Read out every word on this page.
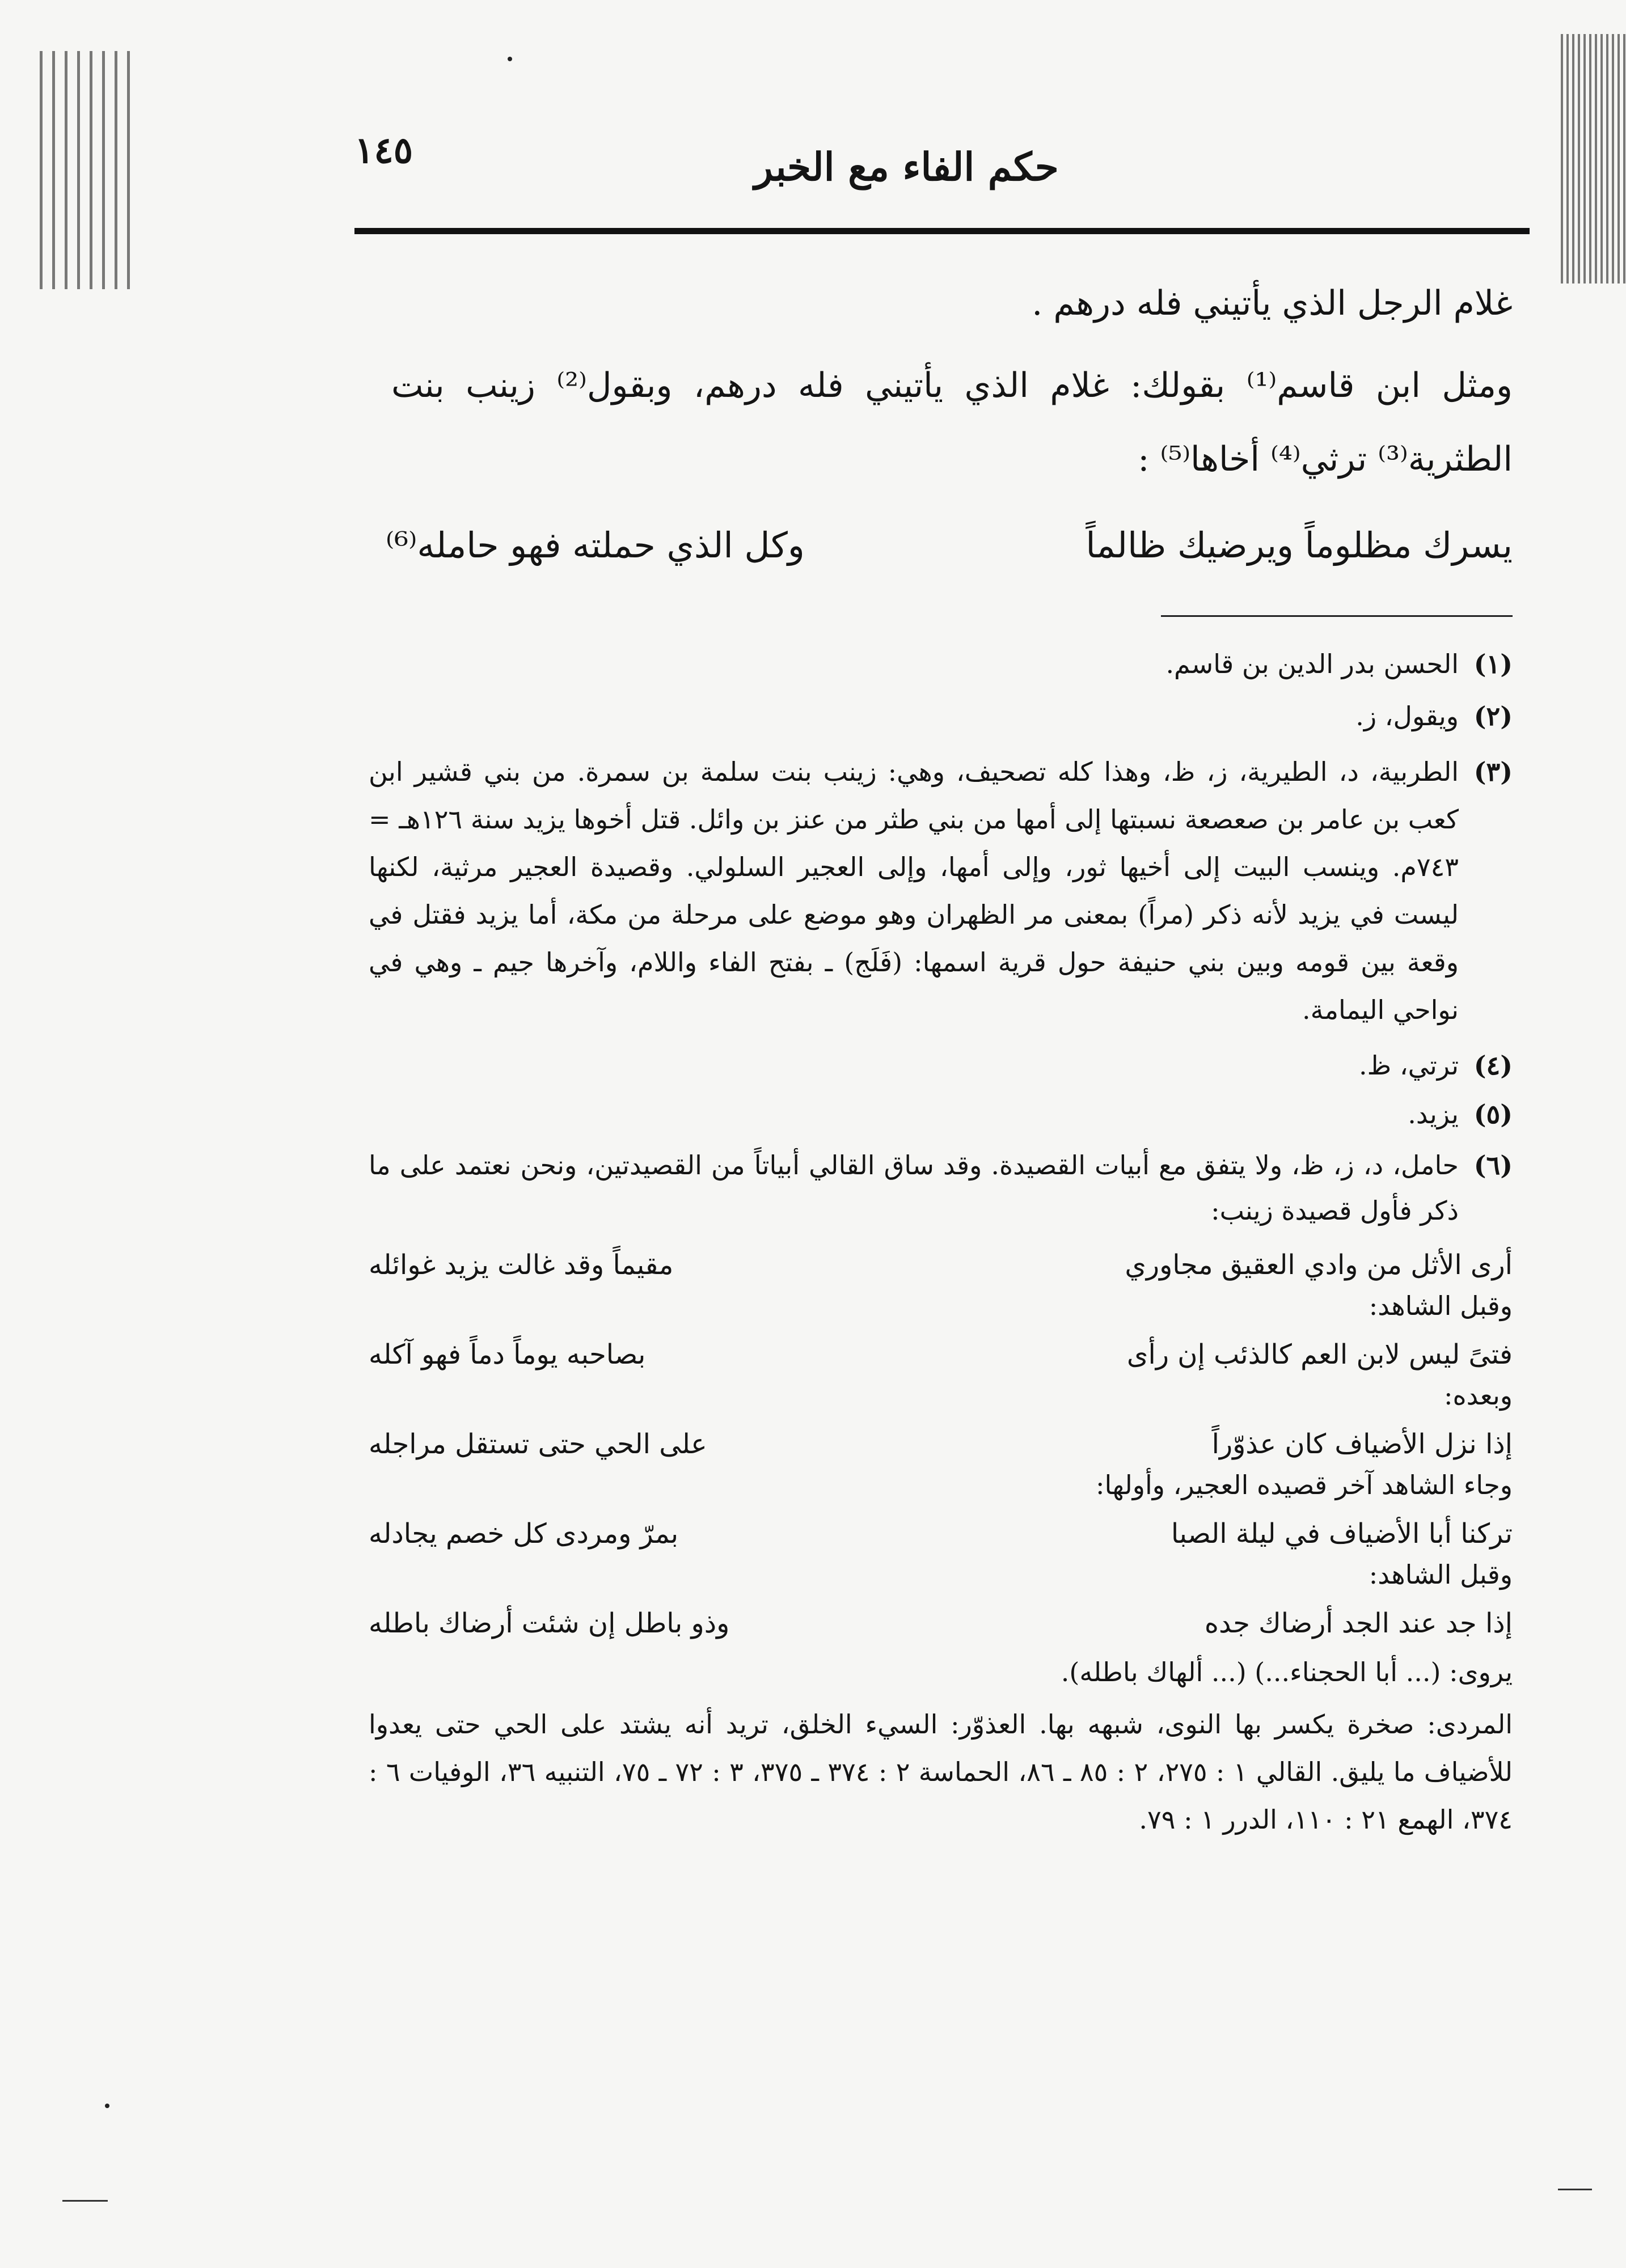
١٤٥	حكم الفاء مع الخبر
غلام الرجل الذي يأتيني فله درهم .
ومثل ابن قاسم⁽¹⁾ بقولك: غلام الذي يأتيني فله درهم، وبقول⁽²⁾ زينب بنت
الطثرية⁽³⁾ ترثي⁽⁴⁾ أخاها⁽⁵⁾ :
يسرك مظلوماً ويرضيك ظالماً
وكل الذي حملته فهو حامله⁽⁶⁾
(١)
الحسن بدر الدين بن قاسم.
(٢)
ويقول، ز.
(٣)
الطربية، د، الطيرية، ز، ظ، وهذا كله تصحيف، وهي: زينب بنت سلمة بن سمرة. من بني قشير ابن كعب بن عامر بن صعصعة نسبتها إلى أمها من بني طثر من عنز بن وائل. قتل أخوها يزيد سنة ١٢٦هـ = ٧٤٣م. وينسب البيت إلى أخيها ثور، وإلى أمها، وإلى العجير السلولي. وقصيدة العجير مرثية، لكنها ليست في يزيد لأنه ذكر (مراً) بمعنى مر الظهران وهو موضع على مرحلة من مكة، أما يزيد فقتل في وقعة بين قومه وبين بني حنيفة حول قرية اسمها: (فَلَج) ـ بفتح الفاء واللام، وآخرها جيم ـ وهي في نواحي اليمامة.
(٤)
ترتي، ظ.
(٥)
يزيد.
(٦)
حامل، د، ز، ظ، ولا يتفق مع أبيات القصيدة. وقد ساق القالي أبياتاً من القصيدتين، ونحن نعتمد على ما ذكر فأول قصيدة زينب:
أرى الأثل من وادي العقيق مجاوري
مقيماً وقد غالت يزيد غوائله
وقبل الشاهد:
فتىً ليس لابن العم كالذئب إن رأى
بصاحبه يوماً دماً فهو آكله
وبعده:
إذا نزل الأضياف كان عذوّراً
على الحي حتى تستقل مراجله
وجاء الشاهد آخر قصيده العجير، وأولها:
تركنا أبا الأضياف في ليلة الصبا
بمرّ ومردى كل خصم يجادله
وقبل الشاهد:
إذا جد عند الجد أرضاك جده
وذو باطل إن شئت أرضاك باطله
يروى: (... أبا الحجناء...) (... ألهاك باطله).
المردى: صخرة يكسر بها النوى، شبهه بها. العذوّر: السيء الخلق، تريد أنه يشتد على الحي حتى يعدوا للأضياف ما يليق. القالي ١ : ٢٧٥، ٢ : ٨٥ ـ ٨٦، الحماسة ٢ : ٣٧٤ ـ ٣٧٥، ٣ : ٧٢ ـ ٧٥، التنبيه ٣٦، الوفيات ٦ : ٣٧٤، الهمع ٢١ : ١١٠، الدرر ١ : ٧٩.
